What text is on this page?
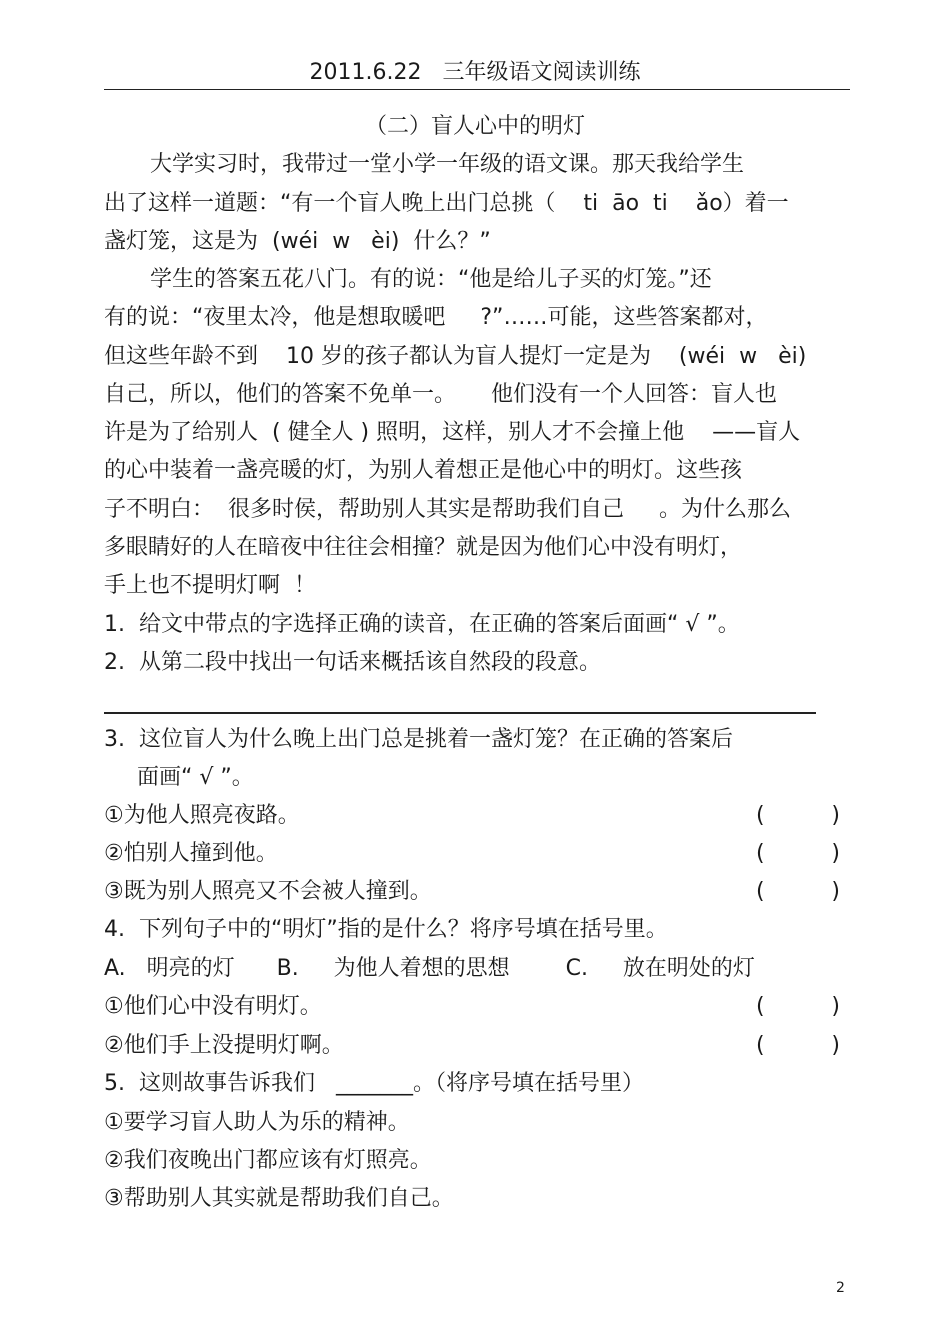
2011.6.22   三年级语文阅读训练
（二）盲人心中的明灯
大学实习时，我带过一堂小学一年级的语文课。那天我给学生
出了这样一道题：“有一个盲人晚上出门总挑（    ti  āo  ti    ǎo）着一
盏灯笼，这是为  (wéi  w   èi)  什么？”
学生的答案五花八门。有的说：“他是给儿子买的灯笼。”还
有的说：“夜里太冷，他是想取暖吧     ?”……可能，这些答案都对，
但这些年龄不到    10 岁的孩子都认为盲人提灯一定是为    (wéi  w   èi)
自己，所以，他们的答案不免单一。     他们没有一个人回答：盲人也
许是为了给别人  ( 健全人 ) 照明，这样，别人才不会撞上他    ——盲人
的心中装着一盏亮暖的灯，为别人着想正是他心中的明灯。这些孩
子不明白：  很多时侯，帮助别人其实是帮助我们自己     。为什么那么
多眼睛好的人在暗夜中往往会相撞？就是因为他们心中没有明灯，
手上也不提明灯啊  ！
1.  给文中带点的字选择正确的读音，在正确的答案后面画“ √ ”。
2.  从第二段中找出一句话来概括该自然段的段意。
3.  这位盲人为什么晚上出门总是挑着一盏灯笼？在正确的答案后
面画“ √ ”。
①为他人照亮夜路。	(	)
②怕别人撞到他。	(	)
③既为别人照亮又不会被人撞到。	(	)
4.  下列句子中的“明灯”指的是什么？将序号填在括号里。
A.   明亮的灯      B.     为他人着想的思想        C.     放在明处的灯
①他们心中没有明灯。	(	)
②他们手上没提明灯啊。	(	)
5.  这则故事告诉我们   _______。（将序号填在括号里）
①要学习盲人助人为乐的精神。
②我们夜晚出门都应该有灯照亮。
③帮助别人其实就是帮助我们自己。
2
